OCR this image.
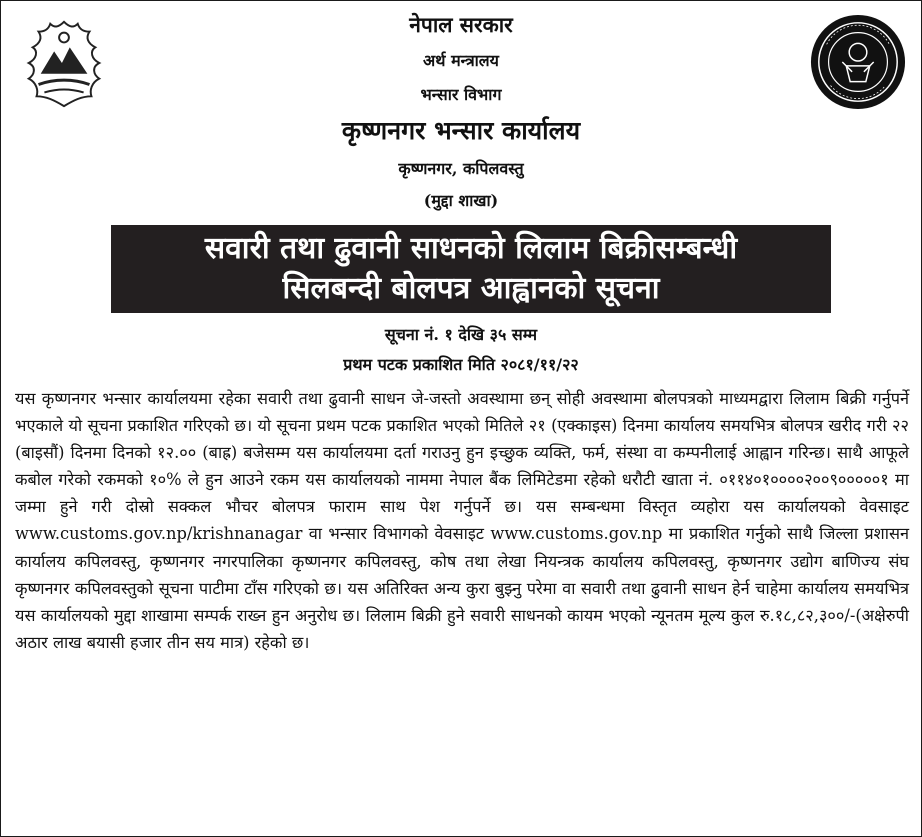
नेपाल सरकार
अर्थ मन्त्रालय
भन्सार विभाग
कृष्णनगर भन्सार कार्यालय
कृष्णनगर, कपिलवस्तु
(मुद्दा शाखा)
सवारी तथा ढुवानी साधनको लिलाम बिक्रीसम्बन्धी
सिलबन्दी बोलपत्र आह्वानको सूचना
सूचना नं. १ देखि ३५ सम्म
प्रथम पटक प्रकाशित मिति २०८१/११/२२

यस कृष्णनगर भन्सार कार्यालयमा रहेका सवारी तथा ढुवानी साधन जे-जस्तो अवस्थामा छन् सोही अवस्थामा बोलपत्रको माध्यमद्वारा लिलाम बिक्री गर्नुपर्ने भएकाले यो सूचना प्रकाशित गरिएको छ। यो सूचना प्रथम पटक प्रकाशित भएको मितिले २१ (एक्काइस) दिनमा कार्यालय समयभित्र बोलपत्र खरीद गरी २२ (बाइसौं) दिनमा दिनको १२.०० (बाह्र) बजेसम्म यस कार्यालयमा दर्ता गराउनु हुन इच्छुक व्यक्ति, फर्म, संस्था वा कम्पनीलाई आह्वान गरिन्छ। साथै आफूले कबोल गरेको रकमको १०% ले हुन आउने रकम यस कार्यालयको नाममा नेपाल बैंक लिमिटेडमा रहेको धरौटी खाता नं. ०११४०१००००२००९०००००१ मा जम्मा हुने गरी दोस्रो सक्कल भौचर बोलपत्र फाराम साथ पेश गर्नुपर्ने छ। यस सम्बन्धमा विस्तृत व्यहोरा यस कार्यालयको वेवसाइट www.customs.gov.np/krishnanagar वा भन्सार विभागको वेवसाइट www.customs.gov.np मा प्रकाशित गर्नुको साथै जिल्ला प्रशासन कार्यालय कपिलवस्तु, कृष्णनगर नगरपालिका कृष्णनगर कपिलवस्तु, कोष तथा लेखा नियन्त्रक कार्यालय कपिलवस्तु, कृष्णनगर उद्योग बाणिज्य संघ कृष्णनगर कपिलवस्तुको सूचना पाटीमा टाँस गरिएको छ। यस अतिरिक्त अन्य कुरा बुझ्नु परेमा वा सवारी तथा ढुवानी साधन हेर्न चाहेमा कार्यालय समयभित्र यस कार्यालयको मुद्दा शाखामा सम्पर्क राख्न हुन अनुरोध छ। लिलाम बिक्री हुने सवारी साधनको कायम भएको न्यूनतम मूल्य कुल रु.१८,८२,३००/-(अक्षेरुपी अठार लाख बयासी हजार तीन सय मात्र) रहेको छ।
